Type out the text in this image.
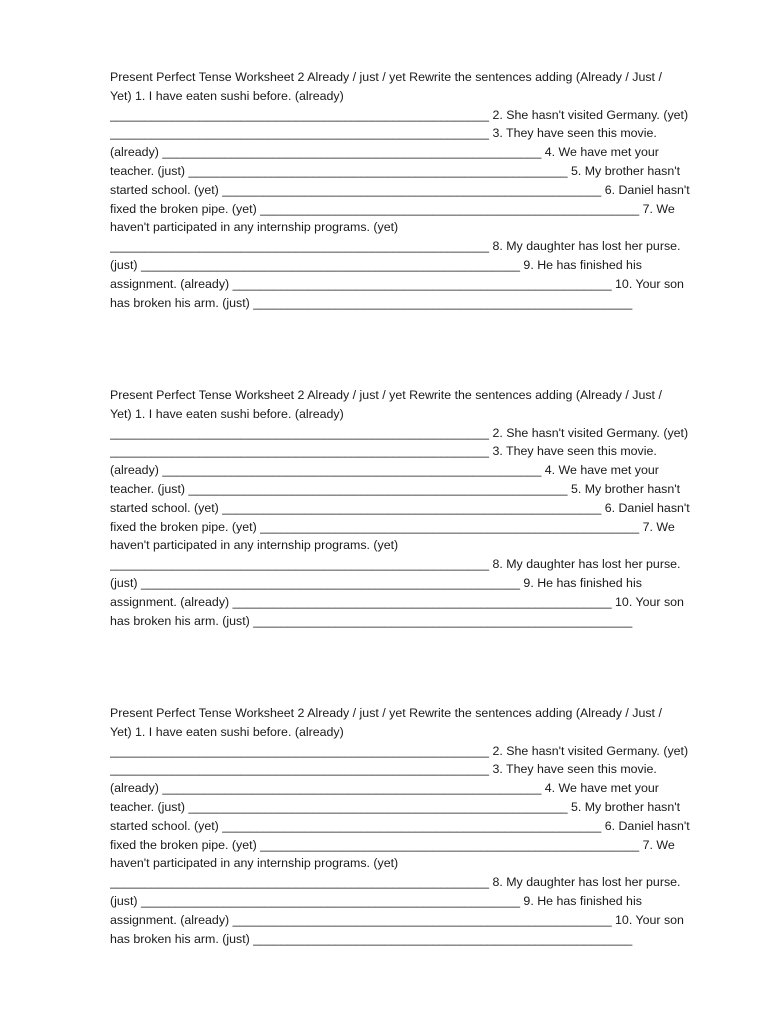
Present Perfect Tense Worksheet 2 Already / just / yet Rewrite the sentences adding (Already / Just /
Yet) 1. I have eaten sushi before. (already)
_______________________________________________________ 2. She hasn't visited Germany. (yet)
_______________________________________________________ 3. They have seen this movie.
(already) _______________________________________________________ 4. We have met your
teacher. (just) _______________________________________________________ 5. My brother hasn't
started school. (yet) _______________________________________________________ 6. Daniel hasn't
fixed the broken pipe. (yet) _______________________________________________________ 7. We
haven't participated in any internship programs. (yet)
_______________________________________________________ 8. My daughter has lost her purse.
(just) _______________________________________________________ 9. He has finished his
assignment. (already) _______________________________________________________ 10. Your son
has broken his arm. (just) _______________________________________________________
Present Perfect Tense Worksheet 2 Already / just / yet Rewrite the sentences adding (Already / Just /
Yet) 1. I have eaten sushi before. (already)
_______________________________________________________ 2. She hasn't visited Germany. (yet)
_______________________________________________________ 3. They have seen this movie.
(already) _______________________________________________________ 4. We have met your
teacher. (just) _______________________________________________________ 5. My brother hasn't
started school. (yet) _______________________________________________________ 6. Daniel hasn't
fixed the broken pipe. (yet) _______________________________________________________ 7. We
haven't participated in any internship programs. (yet)
_______________________________________________________ 8. My daughter has lost her purse.
(just) _______________________________________________________ 9. He has finished his
assignment. (already) _______________________________________________________ 10. Your son
has broken his arm. (just) _______________________________________________________
Present Perfect Tense Worksheet 2 Already / just / yet Rewrite the sentences adding (Already / Just /
Yet) 1. I have eaten sushi before. (already)
_______________________________________________________ 2. She hasn't visited Germany. (yet)
_______________________________________________________ 3. They have seen this movie.
(already) _______________________________________________________ 4. We have met your
teacher. (just) _______________________________________________________ 5. My brother hasn't
started school. (yet) _______________________________________________________ 6. Daniel hasn't
fixed the broken pipe. (yet) _______________________________________________________ 7. We
haven't participated in any internship programs. (yet)
_______________________________________________________ 8. My daughter has lost her purse.
(just) _______________________________________________________ 9. He has finished his
assignment. (already) _______________________________________________________ 10. Your son
has broken his arm. (just) _______________________________________________________
